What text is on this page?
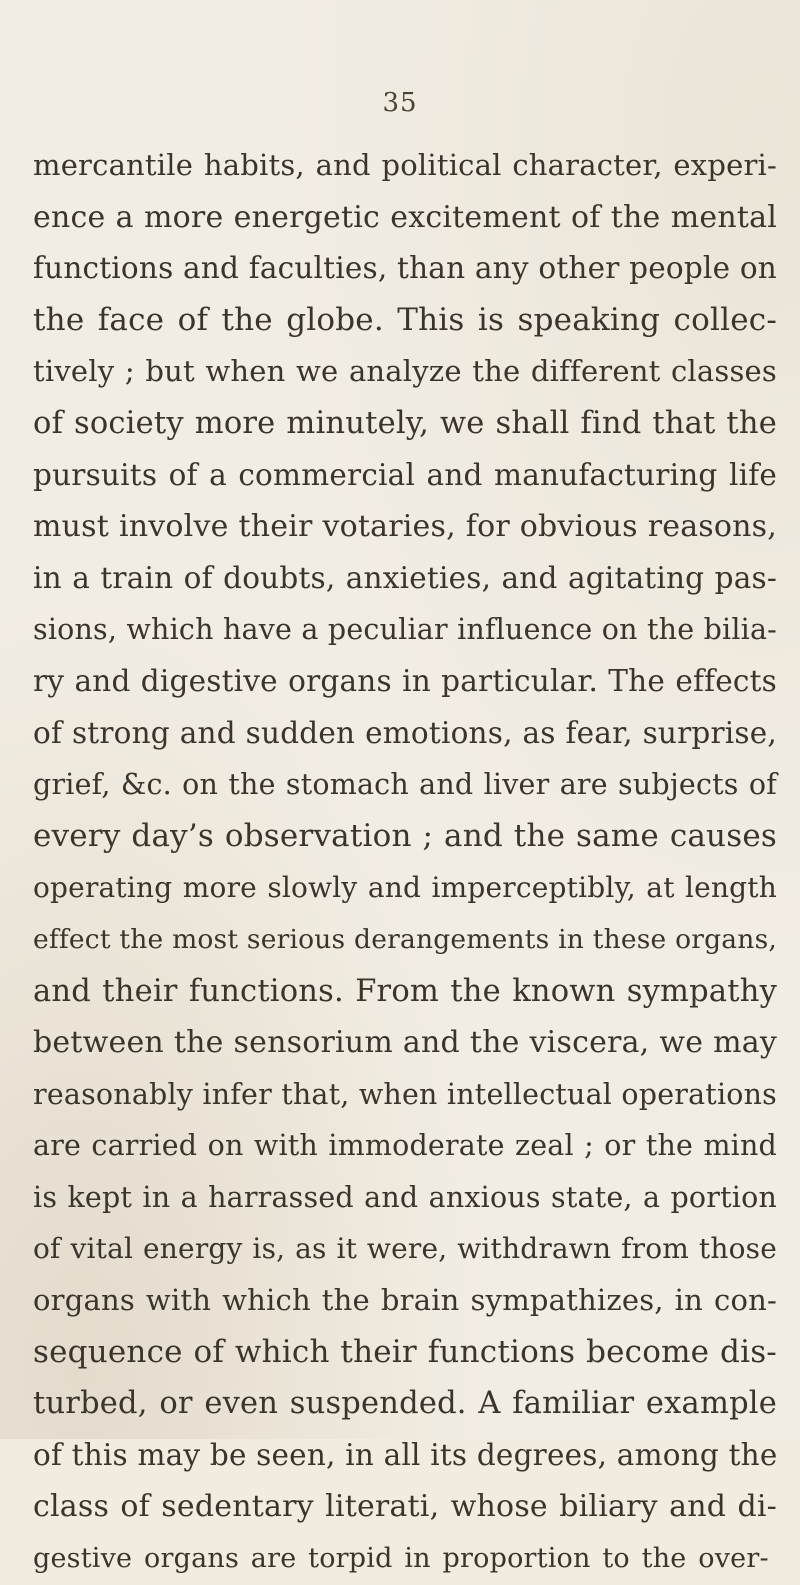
35
mercantile habits, and political character, experi-
ence a more energetic excitement of the mental
functions and faculties, than any other people on
the face of the globe. This is speaking collec-
tively ; but when we analyze the different classes
of society more minutely, we shall find that the
pursuits of a commercial and manufacturing life
must involve their votaries, for obvious reasons,
in a train of doubts, anxieties, and agitating pas-
sions, which have a peculiar influence on the bilia-
ry and digestive organs in particular. The effects
of strong and sudden emotions, as fear, surprise,
grief, &c. on the stomach and liver are subjects of
every day’s observation ; and the same causes
operating more slowly and imperceptibly, at length
effect the most serious derangements in these organs,
and their functions. From the known sympathy
between the sensorium and the viscera, we may
reasonably infer that, when intellectual operations
are carried on with immoderate zeal ; or the mind
is kept in a harrassed and anxious state, a portion
of vital energy is, as it were, withdrawn from those
organs with which the brain sympathizes, in con-
sequence of which their functions become dis-
turbed, or even suspended. A familiar example
of this may be seen, in all its degrees, among the
class of sedentary literati, whose biliary and di-
gestive organs are torpid in proportion to the over-
